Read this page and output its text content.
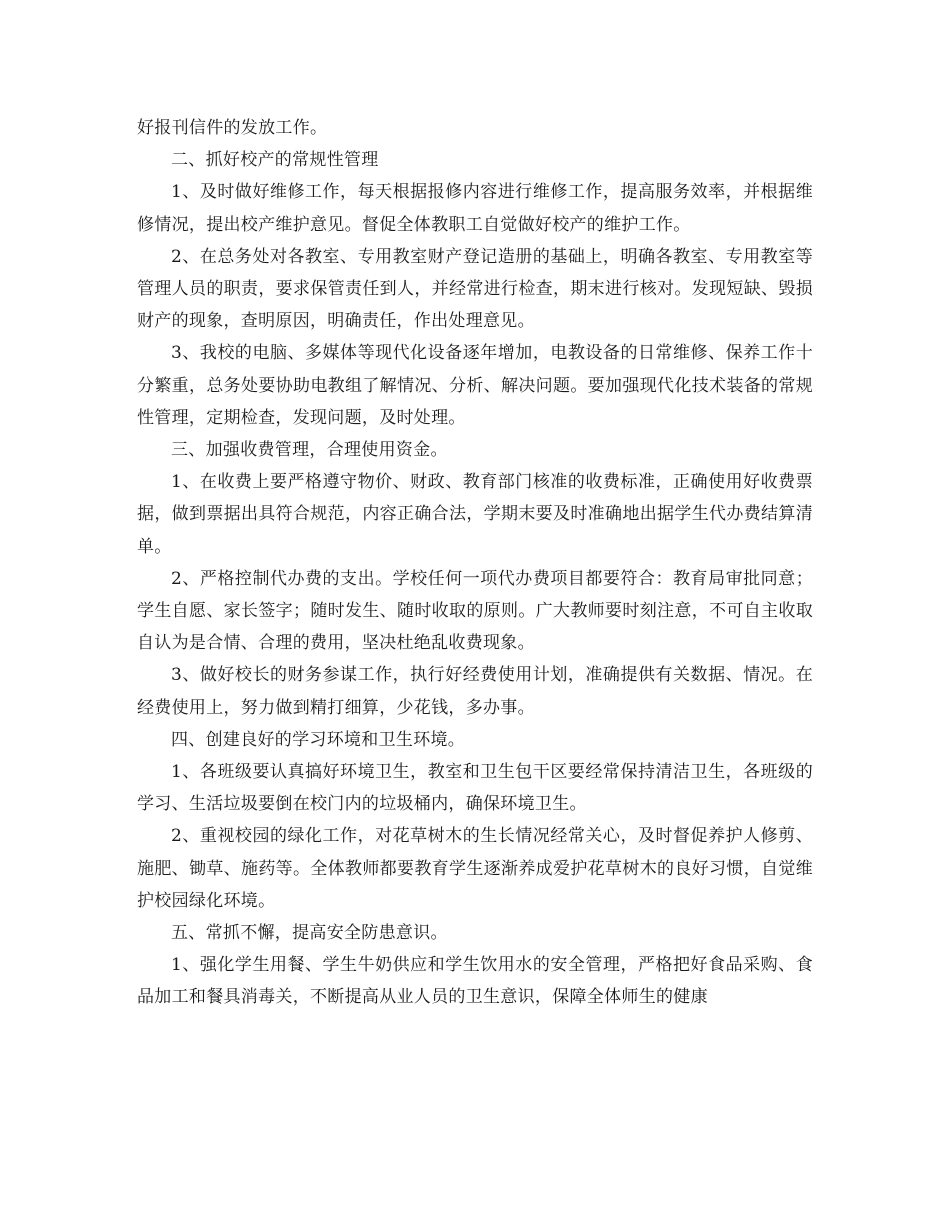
好报刊信件的发放工作。

二、抓好校产的常规性管理

1、及时做好维修工作，每天根据报修内容进行维修工作，提高服务效率，并根据维修情况，提出校产维护意见。督促全体教职工自觉做好校产的维护工作。

2、在总务处对各教室、专用教室财产登记造册的基础上，明确各教室、专用教室等管理人员的职责，要求保管责任到人，并经常进行检查，期末进行核对。发现短缺、毁损财产的现象，查明原因，明确责任，作出处理意见。

3、我校的电脑、多媒体等现代化设备逐年增加，电教设备的日常维修、保养工作十分繁重，总务处要协助电教组了解情况、分析、解决问题。要加强现代化技术装备的常规性管理，定期检查，发现问题，及时处理。

三、加强收费管理，合理使用资金。

1、在收费上要严格遵守物价、财政、教育部门核准的收费标准，正确使用好收费票据，做到票据出具符合规范，内容正确合法，学期末要及时准确地出据学生代办费结算清单。

2、严格控制代办费的支出。学校任何一项代办费项目都要符合：教育局审批同意；学生自愿、家长签字；随时发生、随时收取的原则。广大教师要时刻注意，不可自主收取自认为是合情、合理的费用，坚决杜绝乱收费现象。

3、做好校长的财务参谋工作，执行好经费使用计划，准确提供有关数据、情况。在经费使用上，努力做到精打细算，少花钱，多办事。

四、创建良好的学习环境和卫生环境。

1、各班级要认真搞好环境卫生，教室和卫生包干区要经常保持清洁卫生，各班级的学习、生活垃圾要倒在校门内的垃圾桶内，确保环境卫生。

2、重视校园的绿化工作，对花草树木的生长情况经常关心，及时督促养护人修剪、施肥、锄草、施药等。全体教师都要教育学生逐渐养成爱护花草树木的良好习惯，自觉维护校园绿化环境。

五、常抓不懈，提高安全防患意识。

1、强化学生用餐、学生牛奶供应和学生饮用水的安全管理，严格把好食品采购、食品加工和餐具消毒关，不断提高从业人员的卫生意识，保障全体师生的健康
